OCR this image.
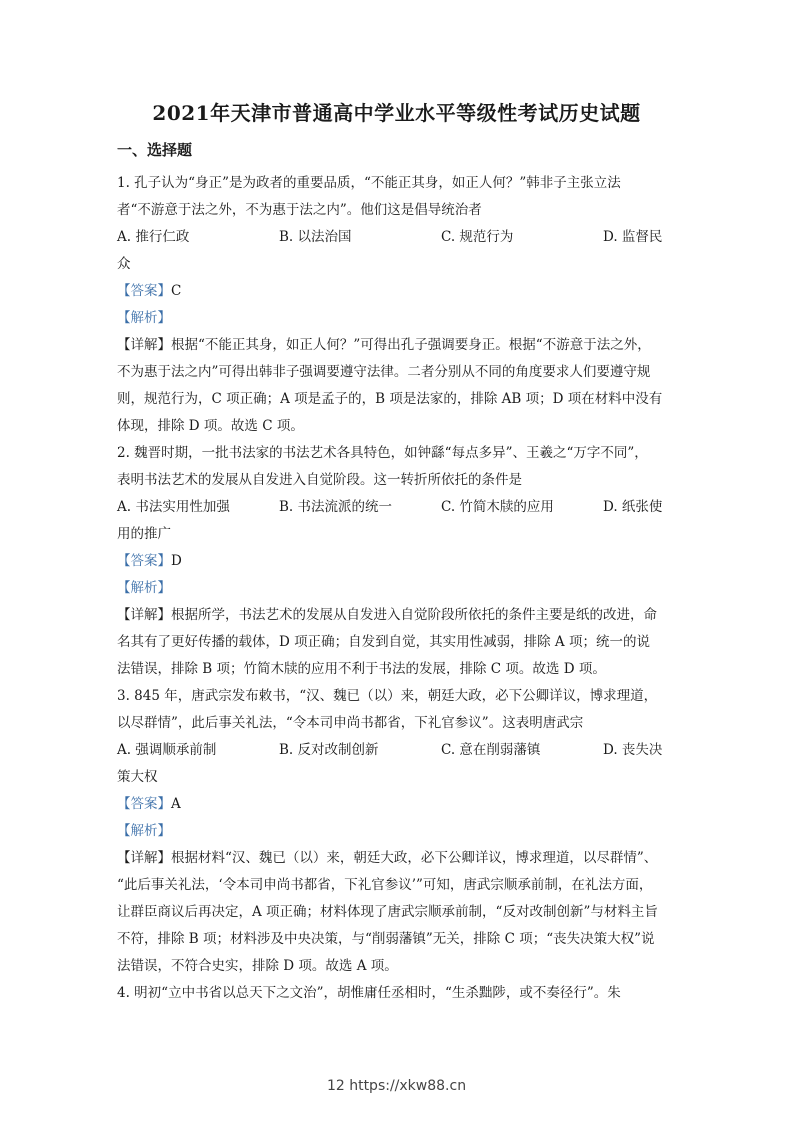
2021年天津市普通高中学业水平等级性考试历史试题
一、选择题
1. 孔子认为“身正”是为政者的重要品质，“不能正其身，如正人何？”韩非子主张立法
者“不游意于法之外，不为惠于法之内”。他们这是倡导统治者
A. 推行仁政	B. 以法治国	C. 规范行为	D. 监督民
众
【答案】C
【解析】
【详解】根据“不能正其身，如正人何？”可得出孔子强调要身正。根据“不游意于法之外，
不为惠于法之内”可得出韩非子强调要遵守法律。二者分别从不同的角度要求人们要遵守规
则，规范行为，C 项正确；A 项是孟子的，B 项是法家的，排除 AB 项；D 项在材料中没有
体现，排除 D 项。故选 C 项。
2. 魏晋时期，一批书法家的书法艺术各具特色，如钟繇“每点多异”、王羲之“万字不同”，
表明书法艺术的发展从自发进入自觉阶段。这一转折所依托的条件是
A. 书法实用性加强	B. 书法流派的统一	C. 竹简木牍的应用	D. 纸张使
用的推广
【答案】D
【解析】
【详解】根据所学，书法艺术的发展从自发进入自觉阶段所依托的条件主要是纸的改进，命
名其有了更好传播的载体，D 项正确；自发到自觉，其实用性减弱，排除 A 项；统一的说
法错误，排除 B 项；竹简木牍的应用不利于书法的发展，排除 C 项。故选 D 项。
3. 845 年，唐武宗发布敕书，“汉、魏已（以）来，朝廷大政，必下公卿详议，博求理道，
以尽群情”，此后事关礼法，“令本司申尚书都省，下礼官参议”。这表明唐武宗
A. 强调顺承前制	B. 反对改制创新	C. 意在削弱藩镇	D. 丧失决
策大权
【答案】A
【解析】
【详解】根据材料“汉、魏已（以）来，朝廷大政，必下公卿详议，博求理道，以尽群情”、
“此后事关礼法，‘令本司申尚书都省，下礼官参议’”可知，唐武宗顺承前制，在礼法方面，
让群臣商议后再决定，A 项正确；材料体现了唐武宗顺承前制，“反对改制创新”与材料主旨
不符，排除 B 项；材料涉及中央决策，与“削弱藩镇”无关，排除 C 项；“丧失决策大权”说
法错误，不符合史实，排除 D 项。故选 A 项。
4. 明初“立中书省以总天下之文治”，胡惟庸任丞相时，“生杀黜陟，或不奏径行”。朱
12 https://xkw88.cn
